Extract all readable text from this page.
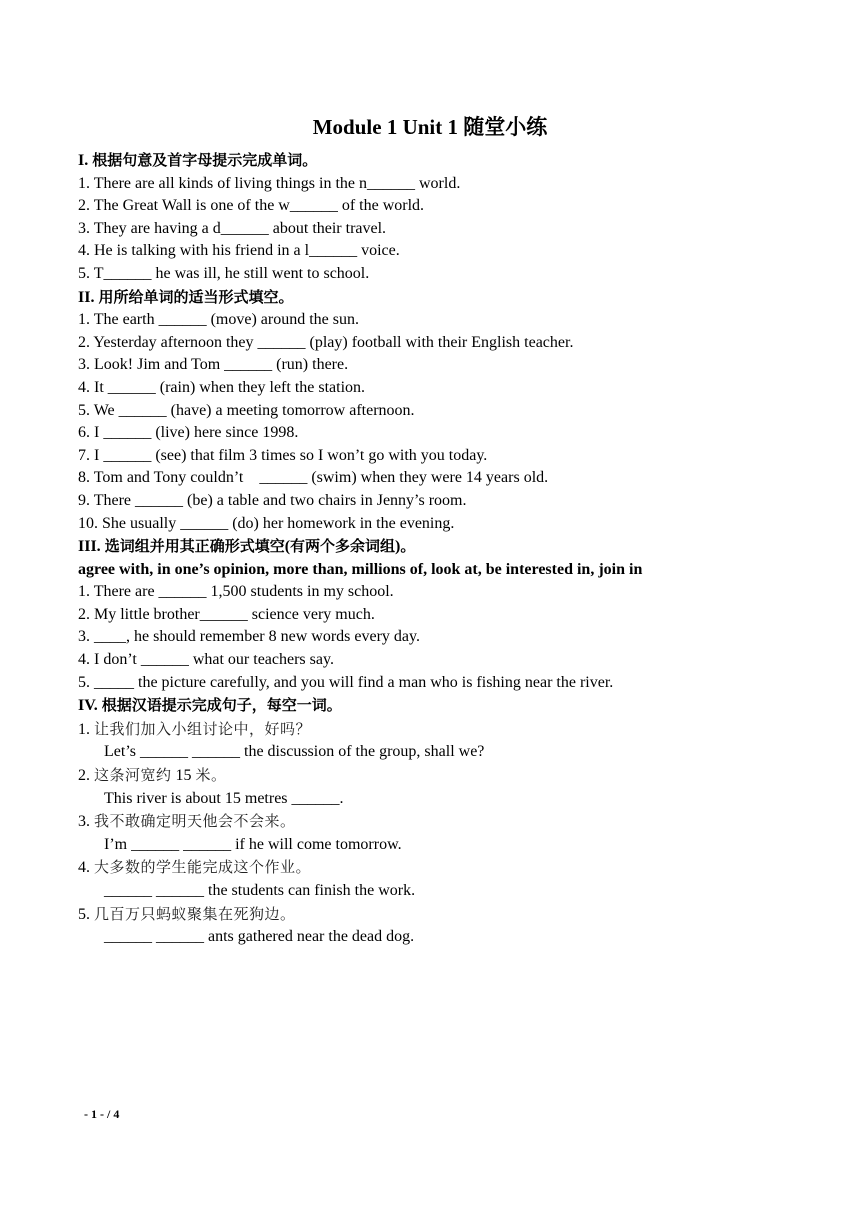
Module 1 Unit 1 随堂小练
I. 根据句意及首字母提示完成单词。
1. There are all kinds of living things in the n______ world.
2. The Great Wall is one of the w______ of the world.
3. They are having a d______ about their travel.
4. He is talking with his friend in a l______ voice.
5. T______ he was ill, he still went to school.
II. 用所给单词的适当形式填空。
1. The earth ______ (move) around the sun.
2. Yesterday afternoon they ______ (play) football with their English teacher.
3. Look! Jim and Tom ______ (run) there.
4. It ______ (rain) when they left the station.
5. We ______ (have) a meeting tomorrow afternoon.
6. I ______ (live) here since 1998.
7. I ______ (see) that film 3 times so I won’t go with you today.
8. Tom and Tony couldn’t    ______ (swim) when they were 14 years old.
9. There ______ (be) a table and two chairs in Jenny’s room.
10. She usually ______ (do) her homework in the evening.
III. 选词组并用其正确形式填空(有两个多余词组)。
agree with, in one’s opinion, more than, millions of, look at, be interested in, join in
1. There are ______ 1,500 students in my school.
2. My little brother______ science very much.
3. ____, he should remember 8 new words every day.
4. I don’t ______ what our teachers say.
5. _____ the picture carefully, and you will find a man who is fishing near the river.
IV. 根据汉语提示完成句子，每空一词。
1. 让我们加入小组讨论中，好吗？
Let’s ______ ______ the discussion of the group, shall we?
2. 这条河宽约 15 米。
This river is about 15 metres ______.
3. 我不敢确定明天他会不会来。
I’m ______ ______ if he will come tomorrow.
4. 大多数的学生能完成这个作业。
______ ______ the students can finish the work.
5. 几百万只蚂蚁聚集在死狗边。
______ ______ ants gathered near the dead dog.
- 1 - / 4
